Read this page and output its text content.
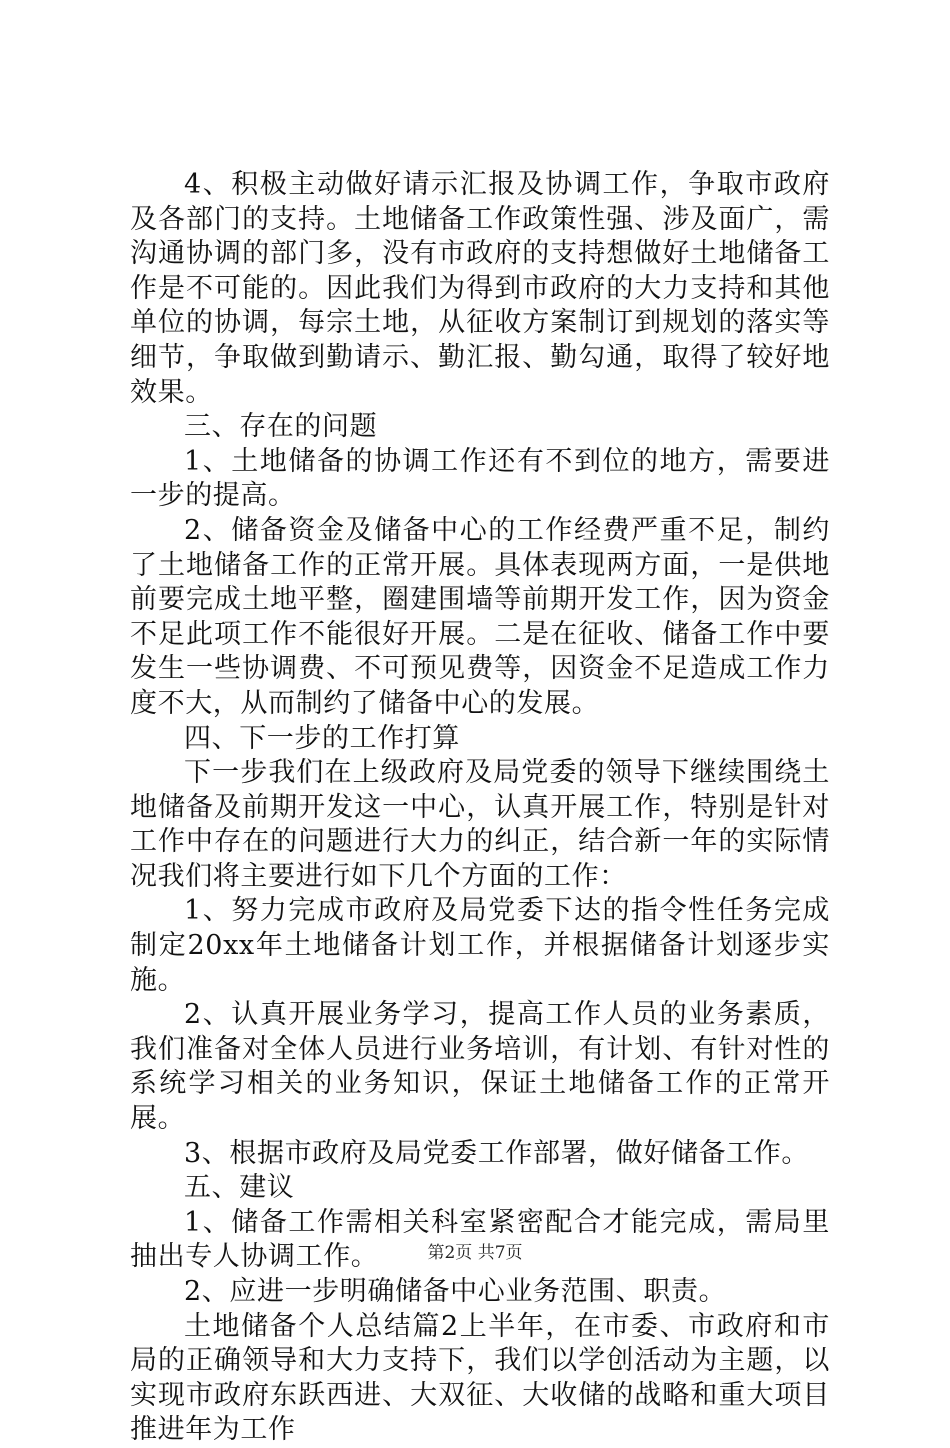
4、积极主动做好请示汇报及协调工作，争取市政府及各部门的支持。土地储备工作政策性强、涉及面广，需沟通协调的部门多，没有市政府的支持想做好土地储备工作是不可能的。因此我们为得到市政府的大力支持和其他单位的协调，每宗土地，从征收方案制订到规划的落实等细节，争取做到勤请示、勤汇报、勤勾通，取得了较好地效果。

三、存在的问题

1、土地储备的协调工作还有不到位的地方，需要进一步的提高。

2、储备资金及储备中心的工作经费严重不足，制约了土地储备工作的正常开展。具体表现两方面，一是供地前要完成土地平整，圈建围墙等前期开发工作，因为资金不足此项工作不能很好开展。二是在征收、储备工作中要发生一些协调费、不可预见费等，因资金不足造成工作力度不大，从而制约了储备中心的发展。

四、下一步的工作打算

下一步我们在上级政府及局党委的领导下继续围绕土地储备及前期开发这一中心，认真开展工作，特别是针对工作中存在的问题进行大力的纠正，结合新一年的实际情况我们将主要进行如下几个方面的工作：

1、努力完成市政府及局党委下达的指令性任务完成制定20xx年土地储备计划工作，并根据储备计划逐步实施。

2、认真开展业务学习，提高工作人员的业务素质，我们准备对全体人员进行业务培训，有计划、有针对性的系统学习相关的业务知识，保证土地储备工作的正常开展。

3、根据市政府及局党委工作部署，做好储备工作。

五、建议

1、储备工作需相关科室紧密配合才能完成，需局里抽出专人协调工作。

2、应进一步明确储备中心业务范围、职责。

土地储备个人总结篇2上半年，在市委、市政府和市局的正确领导和大力支持下，我们以学创活动为主题，以实现市政府东跃西进、大双征、大收储的战略和重大项目推进年为工作

第2页 共7页
